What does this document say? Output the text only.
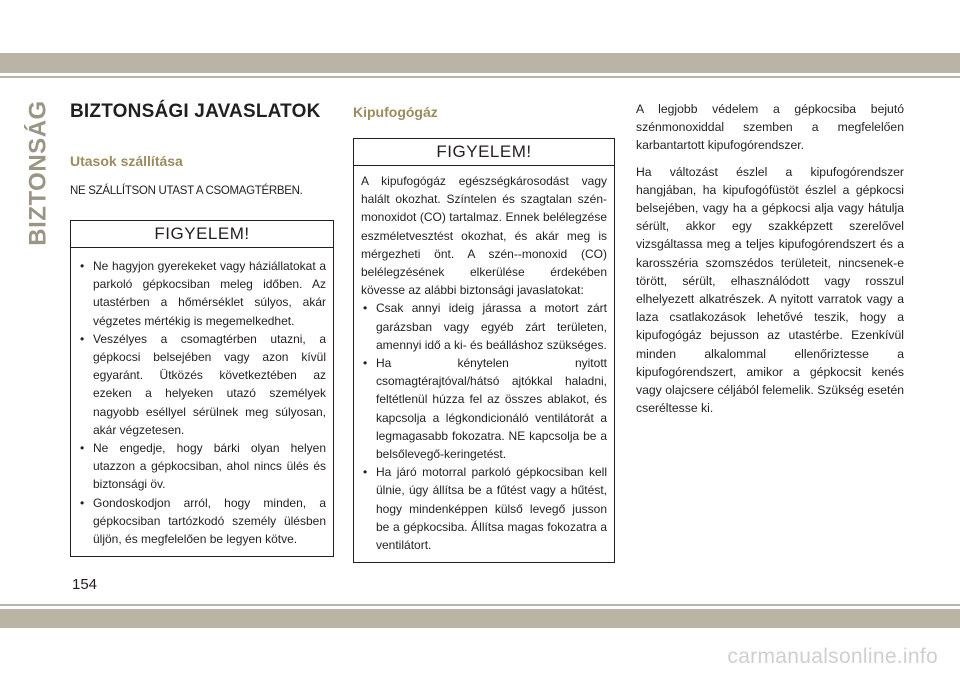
BIZTONSÁG BIZTONSÁGI JAVASLATOK
Utasok szállítása
NE SZÁLLÍTSON UTAST A CSOMAGTÉRBEN.
FIGYELEM!
• Ne hagyjon gyerekeket vagy háziállatokat a parkoló gépkocsiban meleg időben. Az utastérben a hőmérséklet súlyos, akár végzetes mértékig is megemelkedhet.
• Veszélyes a csomagtérben utazni, a gépkocsi belsejében vagy azon kívül egyaránt. Ütközés következtében az ezeken a helyeken utazó személyek nagyobb eséllyel sérülnek meg súlyosan, akár végzetesen.
• Ne engedje, hogy bárki olyan helyen utazzon a gépkocsiban, ahol nincs ülés és biztonsági öv.
• Gondoskodjon arról, hogy minden, a gépkocsiban tartózkodó személy ülésben üljön, és megfelelően be legyen kötve.
Kipufogógáz
FIGYELEM!

A kipufogógáz egészségkárosodást vagy halált okozhat. Színtelen és szagtalan szén-monoxidot (CO) tartalmaz. Ennek belélegzése eszméletvesztést okozhat, és akár meg is mérgezheti önt. A szén--monoxid (CO) belélegzésének elkerülése érdekében kövesse az alábbi biztonsági javaslatokat:

• Csak annyi ideig járassa a motort zárt garázsban vagy egyéb zárt területen, amennyi idő a ki- és beálláshoz szükséges.
• Ha kénytelen nyitott csomagtérajtóval/hátsó ajtókkal haladni, feltétlenül húzza fel az összes ablakot, és kapcsolja a légkondicionáló ventilátorát a legmagasabb fokozatra. NE kapcsolja be a belsőlevegő-keringetést.
• Ha járó motorral parkoló gépkocsiban kell ülnie, úgy állítsa be a fűtést vagy a hűtést, hogy mindenképpen külső levegő jusson be a gépkocsiba. Állítsa magas fokozatra a ventilátort.

A legjobb védelem a gépkocsiba bejutó szénmonoxiddal szemben a megfelelően karbantartott kipufogórendszer.

Ha változást észlel a kipufogórendszer hangjában, ha kipufogófüstöt észlel a gépkocsi belsejében, vagy ha a gépkocsi alja vagy hátulja sérült, akkor egy szakképzett szerelővel vizsgáltassa meg a teljes kipufogórendszert és a karosszéria szomszédos területeit, nincsenek-e törött, sérült, elhasználódott vagy rosszul elhelyezett alkatrészek. A nyitott varratok vagy a laza csatlakozások lehetővé teszik, hogy a kipufogógáz bejusson az utastérbe. Ezenkívül minden alkalommal ellenőriztesse a kipufogórendszert, amikor a gépkocsit kenés vagy olajcsere céljából felemelik. Szükség esetén cseréltesse ki.

154
carmanualsonline.info
